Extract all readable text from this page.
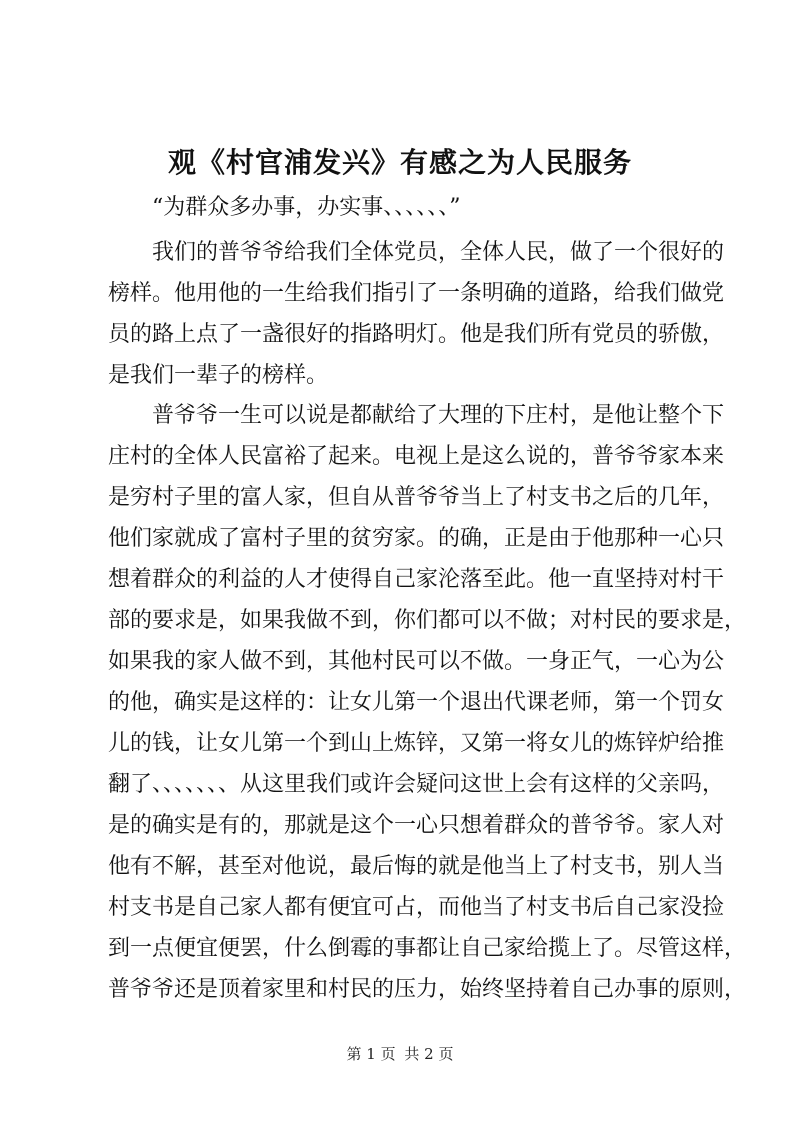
观《村官浦发兴》有感之为人民服务
“为群众多办事，办实事、、、、、、”
我们的普爷爷给我们全体党员，全体人民，做了一个很好的
榜样。他用他的一生给我们指引了一条明确的道路，给我们做党
员的路上点了一盏很好的指路明灯。他是我们所有党员的骄傲，
是我们一辈子的榜样。
普爷爷一生可以说是都献给了大理的下庄村，是他让整个下
庄村的全体人民富裕了起来。电视上是这么说的，普爷爷家本来
是穷村子里的富人家，但自从普爷爷当上了村支书之后的几年，
他们家就成了富村子里的贫穷家。的确，正是由于他那种一心只
想着群众的利益的人才使得自己家沦落至此。他一直坚持对村干
部的要求是，如果我做不到，你们都可以不做；对村民的要求是，
如果我的家人做不到，其他村民可以不做。一身正气，一心为公
的他，确实是这样的：让女儿第一个退出代课老师，第一个罚女
儿的钱，让女儿第一个到山上炼锌，又第一将女儿的炼锌炉给推
翻了、、、、、、、从这里我们或许会疑问这世上会有这样的父亲吗，
是的确实是有的，那就是这个一心只想着群众的普爷爷。家人对
他有不解，甚至对他说，最后悔的就是他当上了村支书，别人当
村支书是自己家人都有便宜可占，而他当了村支书后自己家没捡
到一点便宜便罢，什么倒霉的事都让自己家给揽上了。尽管这样，
普爷爷还是顶着家里和村民的压力，始终坚持着自己办事的原则，
第 1 页 共 2 页
